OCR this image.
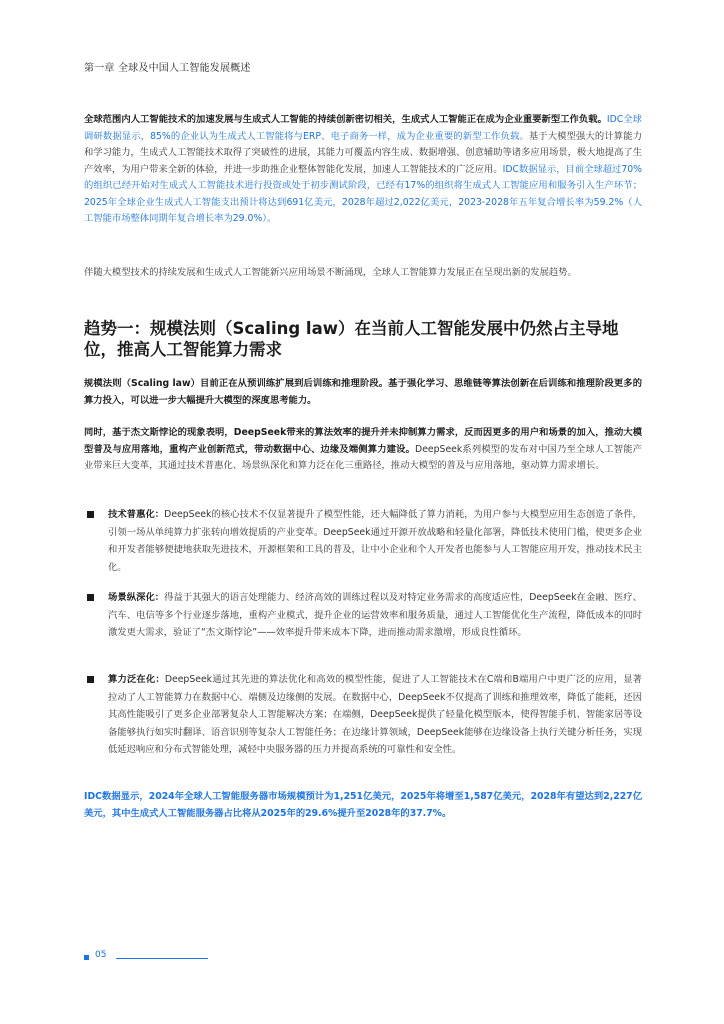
第一章 全球及中国人工智能发展概述

全球范围内人工智能技术的加速发展与生成式人工智能的持续创新密切相关，生成式人工智能正在成为企业重要新型工作负载。IDC全球调研数据显示，85%的企业认为生成式人工智能将与ERP、电子商务一样，成为企业重要的新型工作负载。基于大模型强大的计算能力和学习能力，生成式人工智能技术取得了突破性的进展，其能力可覆盖内容生成、数据增强、创意辅助等诸多应用场景，极大地提高了生产效率，为用户带来全新的体验，并进一步助推企业整体智能化发展，加速人工智能技术的广泛应用。IDC数据显示，目前全球超过70%的组织已经开始对生成式人工智能技术进行投资或处于初步测试阶段，已经有17%的组织将生成式人工智能应用和服务引入生产环节；2025年全球企业生成式人工智能支出预计将达到691亿美元，2028年超过2,022亿美元，2023-2028年五年复合增长率为59.2%（人工智能市场整体同期年复合增长率为29.0%）。

伴随大模型技术的持续发展和生成式人工智能新兴应用场景不断涌现，全球人工智能算力发展正在呈现出新的发展趋势。

趋势一：规模法则（Scaling law）在当前人工智能发展中仍然占主导地位，推高人工智能算力需求

规模法则（Scaling law）目前正在从预训练扩展到后训练和推理阶段。基于强化学习、思维链等算法创新在后训练和推理阶段更多的算力投入，可以进一步大幅提升大模型的深度思考能力。

同时，基于杰文斯悖论的现象表明，DeepSeek带来的算法效率的提升并未抑制算力需求，反而因更多的用户和场景的加入，推动大模型普及与应用落地，重构产业创新范式，带动数据中心、边缘及端侧算力建设。DeepSeek系列模型的发布对中国乃至全球人工智能产业带来巨大变革，其通过技术普惠化、场景纵深化和算力泛在化三重路径，推动大模型的普及与应用落地，驱动算力需求增长。

技术普惠化：DeepSeek的核心技术不仅显著提升了模型性能，还大幅降低了算力消耗，为用户参与大模型应用生态创造了条件，引领一场从单纯算力扩张转向增效提质的产业变革。DeepSeek通过开源开放战略和轻量化部署，降低技术使用门槛，使更多企业和开发者能够便捷地获取先进技术，开源框架和工具的普及，让中小企业和个人开发者也能参与人工智能应用开发，推动技术民主化。
场景纵深化：得益于其强大的语言处理能力、经济高效的训练过程以及对特定业务需求的高度适应性，DeepSeek在金融、医疗、汽车、电信等多个行业逐步落地，重构产业模式，提升企业的运营效率和服务质量，通过人工智能优化生产流程，降低成本的同时激发更大需求，验证了“杰文斯悖论”——效率提升带来成本下降，进而推动需求激增，形成良性循环。
算力泛在化：DeepSeek通过其先进的算法优化和高效的模型性能，促进了人工智能技术在C端和B端用户中更广泛的应用，显著拉动了人工智能算力在数据中心、端侧及边缘侧的发展。在数据中心，DeepSeek不仅提高了训练和推理效率，降低了能耗，还因其高性能吸引了更多企业部署复杂人工智能解决方案；在端侧，DeepSeek提供了轻量化模型版本，使得智能手机、智能家居等设备能够执行如实时翻译、语音识别等复杂人工智能任务；在边缘计算领域，DeepSeek能够在边缘设备上执行关键分析任务，实现低延迟响应和分布式智能处理，减轻中央服务器的压力并提高系统的可靠性和安全性。

IDC数据显示，2024年全球人工智能服务器市场规模预计为1,251亿美元，2025年将增至1,587亿美元，2028年有望达到2,227亿美元，其中生成式人工智能服务器占比将从2025年的29.6%提升至2028年的37.7%。

05
